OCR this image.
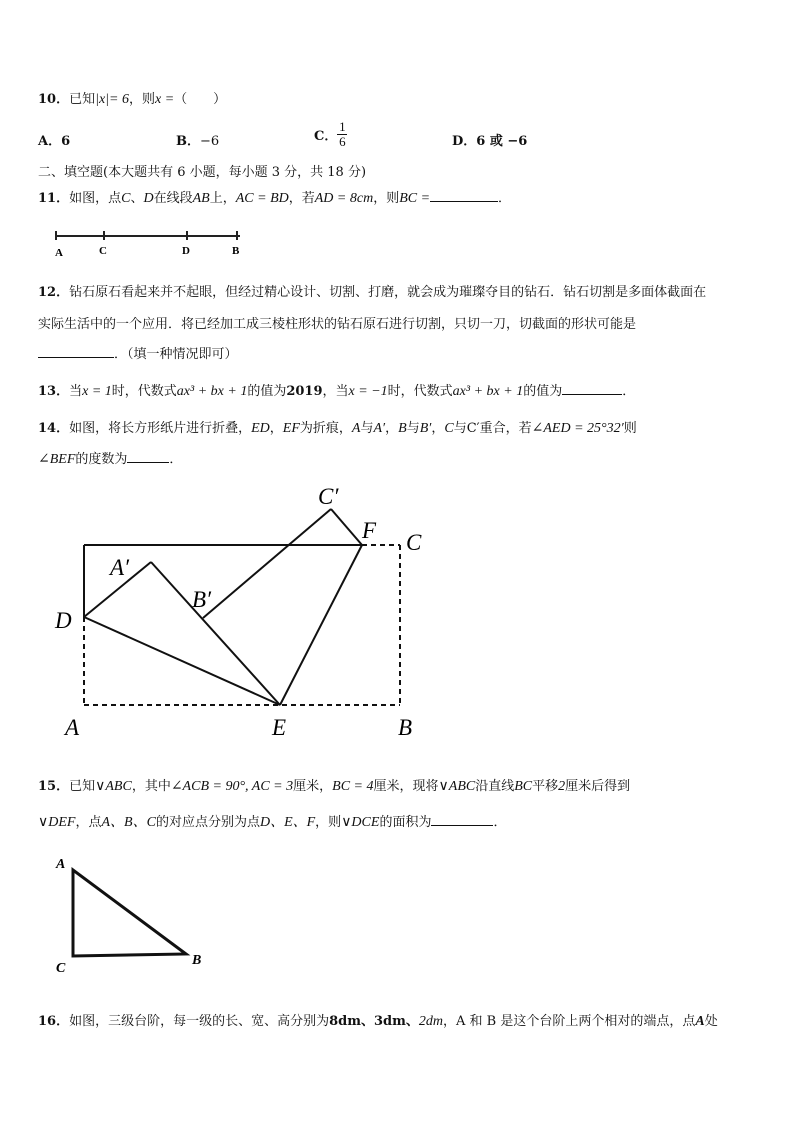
10．已知|x|= 6，则x =（　　）
A．6	B．−6	C． $\frac{1}{6}$	D．6 或 −6
二、填空题(本大题共有 6 小题，每小题 3 分，共 18 分)
11．如图，点C、D在线段AB上，AC = BD，若AD = 8cm，则BC =	．
A	C	D	B
12．钻石原石看起来并不起眼，但经过精心设计、切割、打磨，就会成为璀璨夺目的钻石．钻石切割是多面体截面在
实际生活中的一个应用．将已经加工成三棱柱形状的钻石原石进行切割，只切一刀，切截面的形状可能是
．（填一种情况即可）
13．当x = 1时，代数式ax³ + bx + 1的值为2019，当x = −1时，代数式ax³ + bx + 1的值为	．
14．如图，将长方形纸片进行折叠，ED，EF为折痕，A与A′，B与B′，C与C′重合，若∠AED = 25°32′则
∠BEF的度数为	．
C′
F C
A′
B′
D
A	E	B
15．已知∨ABC，其中∠ACB = 90°, AC = 3厘米，BC = 4厘米，现将∨ABC沿直线BC平移2厘米后得到
∨DEF，点A、B、C的对应点分别为点D、E、F，则∨DCE的面积为	．
A
C
B
16．如图，三级台阶，每一级的长、宽、高分别为8dm、3dm、2dm，A 和 B 是这个台阶上两个相对的端点，点A处
